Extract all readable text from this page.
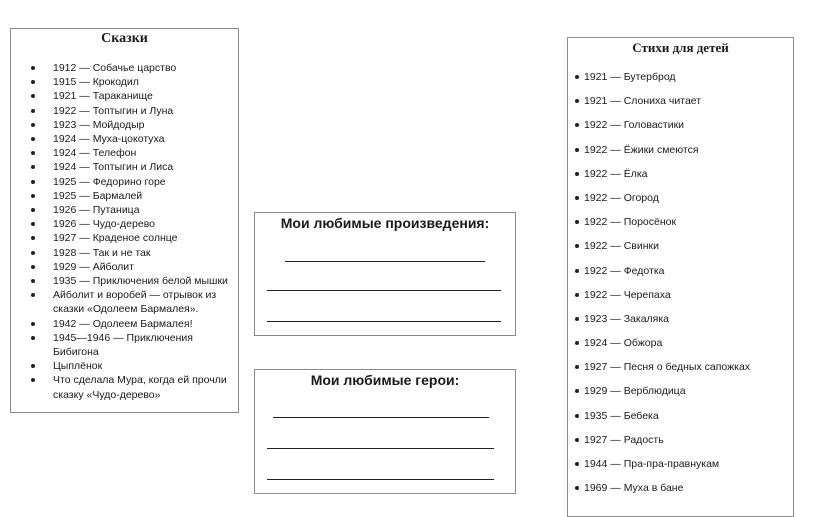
Сказки
1912 — Собачье царство
1915 — Крокодил
1921 — Тараканище
1922 — Топтыгин и Луна
1923 — Мойдодыр
1924 — Муха-цокотуха
1924 — Телефон
1924 — Топтыгин и Лиса
1925 — Федорино горе
1925 — Бармалей
1926 — Путаница
1926 — Чудо-дерево
1927 — Краденое солнце
1928 — Так и не так
1929 — Айболит
1935 — Приключения белой мышки
Айболит и воробей — отрывок из сказки «Одолеем Бармалея».
1942 — Одолеем Бармалея!
1945—1946 — Приключения Бибигона
Цыплёнок
Что сделала Мура, когда ей прочли сказку «Чудо-дерево»
Мои любимые произведения:
Мои любимые герои:
Стихи для детей
1921 — Бутерброд
1921 — Слониха читает
1922 — Головастики
1922 — Ёжики смеются
1922 — Ёлка
1922 — Огород
1922 — Поросёнок
1922 — Свинки
1922 — Федотка
1922 — Черепаха
1923 — Закаляка
1924 — Обжора
1927 — Песня о бедных сапожках
1929 — Верблюдица
1935 — Бебека
1927 — Радость
1944 — Пра-пра-правнукам
1969 — Муха в бане
